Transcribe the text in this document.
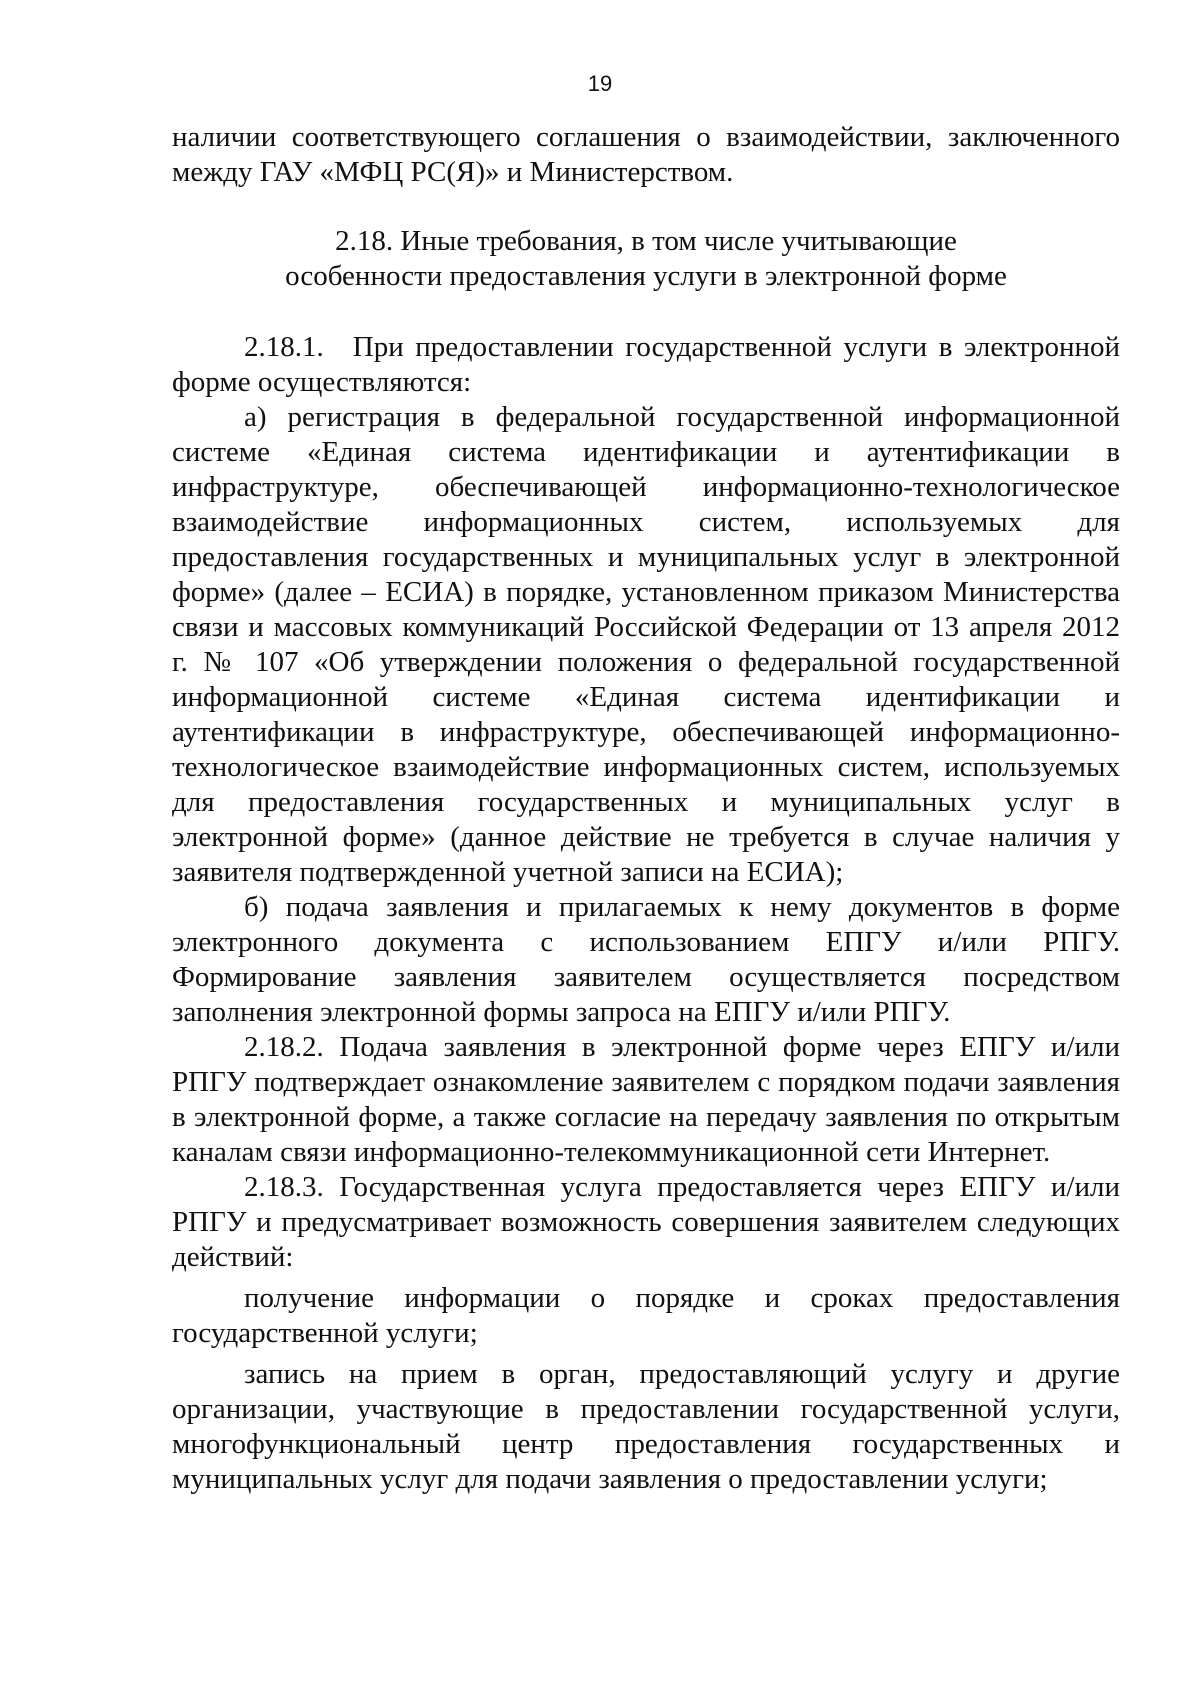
19

наличии соответствующего соглашения о взаимодействии, заключенного между ГАУ «МФЦ РС(Я)» и Министерством.

2.18. Иные требования, в том числе учитывающие
особенности предоставления услуги в электронной форме

2.18.1. При предоставлении государственной услуги в электронной форме осуществляются:

а) регистрация в федеральной государственной информационной системе «Единая система идентификации и аутентификации в инфраструктуре, обеспечивающей информационно-технологическое взаимодействие информационных систем, используемых для предоставления государственных и муниципальных услуг в электронной форме» (далее – ЕСИА) в порядке, установленном приказом Министерства связи и массовых коммуникаций Российской Федерации от 13 апреля 2012 г. № 107 «Об утверждении положения о федеральной государственной информационной системе «Единая система идентификации и аутентификации в инфраструктуре, обеспечивающей информационно-технологическое взаимодействие информационных систем, используемых для предоставления государственных и муниципальных услуг в электронной форме» (данное действие не требуется в случае наличия у заявителя подтвержденной учетной записи на ЕСИА);

б) подача заявления и прилагаемых к нему документов в форме электронного документа с использованием ЕПГУ и/или РПГУ. Формирование заявления заявителем осуществляется посредством заполнения электронной формы запроса на ЕПГУ и/или РПГУ.

2.18.2. Подача заявления в электронной форме через ЕПГУ и/или РПГУ подтверждает ознакомление заявителем с порядком подачи заявления в электронной форме, а также согласие на передачу заявления по открытым каналам связи информационно-телекоммуникационной сети Интернет.

2.18.3. Государственная услуга предоставляется через ЕПГУ и/или РПГУ и предусматривает возможность совершения заявителем следующих действий:

получение информации о порядке и сроках предоставления государственной услуги;

запись на прием в орган, предоставляющий услугу и другие организации, участвующие в предоставлении государственной услуги, многофункциональный центр предоставления государственных и муниципальных услуг для подачи заявления о предоставлении услуги;
